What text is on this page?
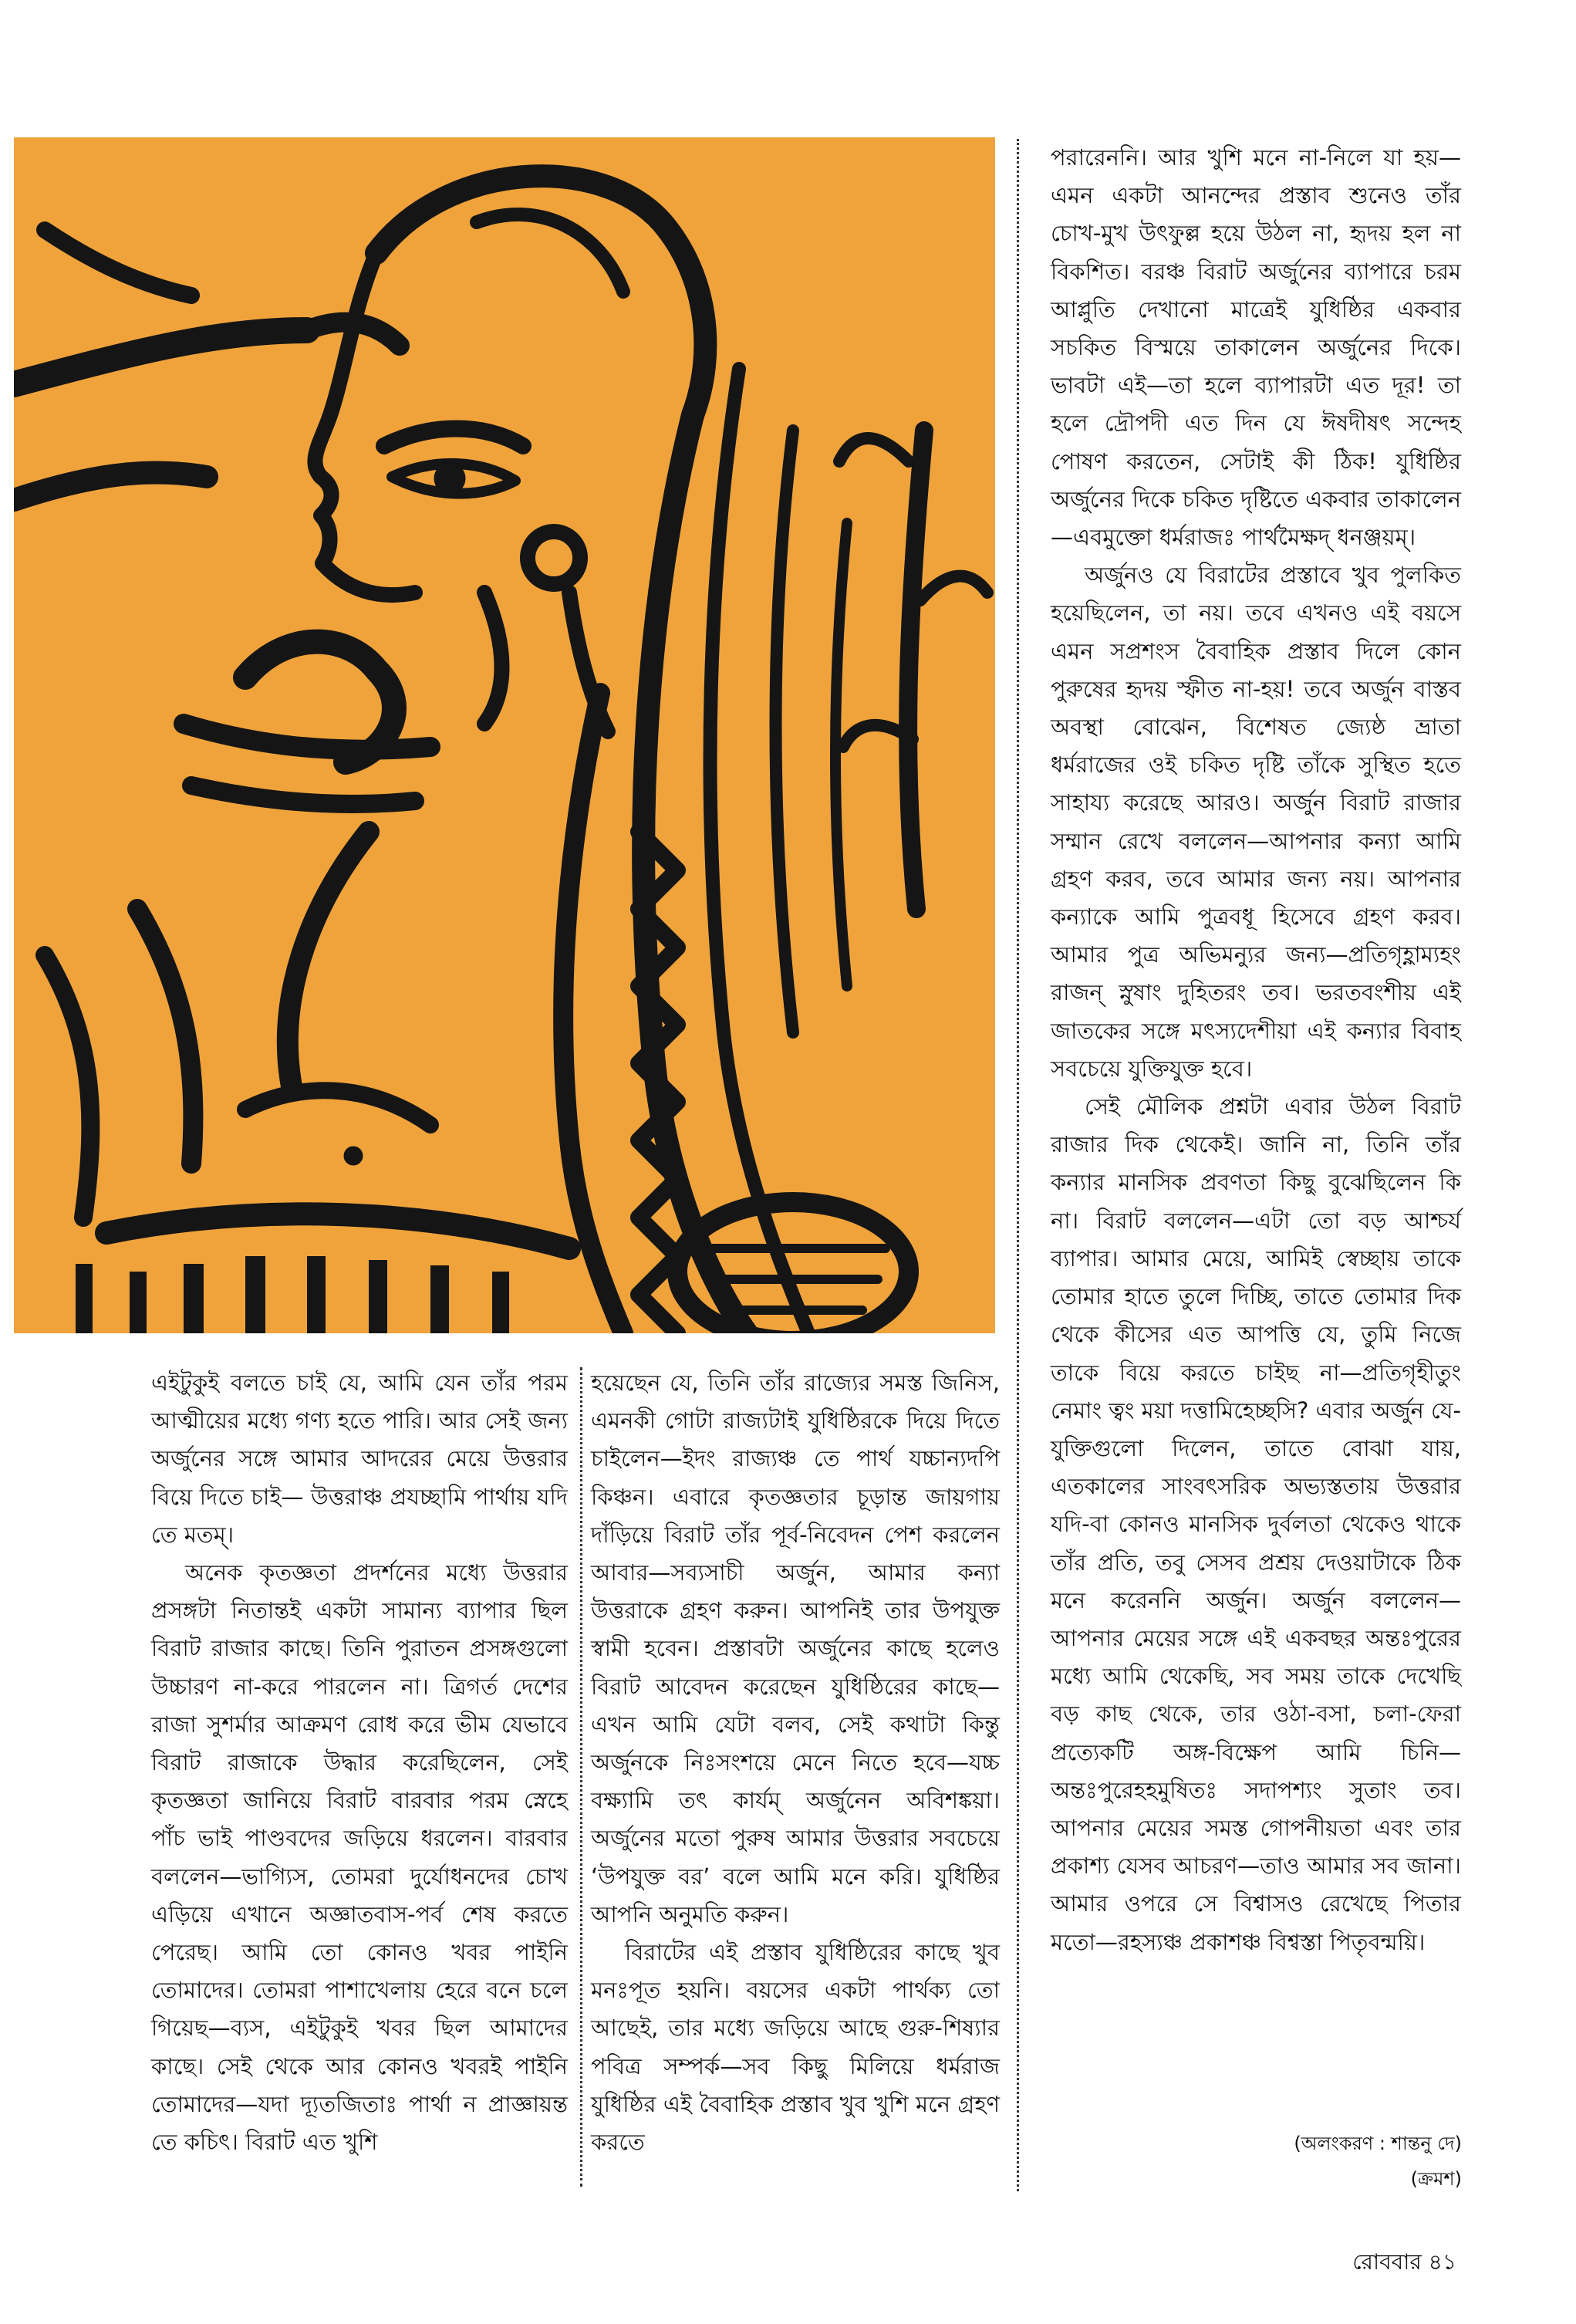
এইটুকুই বলতে চাই যে, আমি যেন তাঁর পরম আত্মীয়ের মধ্যে গণ্য হতে পারি। আর সেই জন্য অর্জুনের সঙ্গে আমার আদরের মেয়ে উত্তরার বিয়ে দিতে চাই— উত্তরাঞ্চ প্রযচ্ছামি পার্থায় যদি তে মতম্।

অনেক কৃতজ্ঞতা প্রদর্শনের মধ্যে উত্তরার প্রসঙ্গটা নিতান্তই একটা সামান্য ব্যাপার ছিল বিরাট রাজার কাছে। তিনি পুরাতন প্রসঙ্গগুলো উচ্চারণ না-করে পারলেন না। ত্রিগর্ত দেশের রাজা সুশর্মার আক্রমণ রোধ করে ভীম যেভাবে বিরাট রাজাকে উদ্ধার করেছিলেন, সেই কৃতজ্ঞতা জানিয়ে বিরাট বারবার পরম স্নেহে পাঁচ ভাই পাণ্ডবদের জড়িয়ে ধরলেন। বারবার বললেন—ভাগ্যিস, তোমরা দুর্যোধনদের চোখ এড়িয়ে এখানে অজ্ঞাতবাস-পর্ব শেষ করতে পেরেছ। আমি তো কোনও খবর পাইনি তোমাদের। তোমরা পাশাখেলায় হেরে বনে চলে গিয়েছ—ব্যস, এইটুকুই খবর ছিল আমাদের কাছে। সেই থেকে আর কোনও খবরই পাইনি তোমাদের—যদা দ্যূতজিতাঃ পার্থা ন প্রাজ্ঞায়ন্ত তে কচিৎ। বিরাট এত খুশি

হয়েছেন যে, তিনি তাঁর রাজ্যের সমস্ত জিনিস, এমনকী গোটা রাজ্যটাই যুধিষ্ঠিরকে দিয়ে দিতে চাইলেন—ইদং রাজ্যঞ্চ তে পার্থ যচ্চান্যদপি কিঞ্চন। এবারে কৃতজ্ঞতার চূড়ান্ত জায়গায় দাঁড়িয়ে বিরাট তাঁর পূর্ব-নিবেদন পেশ করলেন আবার—সব্যসাচী অর্জুন, আমার কন্যা উত্তরাকে গ্রহণ করুন। আপনিই তার উপযুক্ত স্বামী হবেন। প্রস্তাবটা অর্জুনের কাছে হলেও বিরাট আবেদন করেছেন যুধিষ্ঠিরের কাছে—এখন আমি যেটা বলব, সেই কথাটা কিন্তু অর্জুনকে নিঃসংশয়ে মেনে নিতে হবে—যচ্চ বক্ষ্যামি তৎ কার্যম্ অর্জুনেন অবিশঙ্কয়া। অর্জুনের মতো পুরুষ আমার উত্তরার সবচেয়ে ‘উপযুক্ত বর’ বলে আমি মনে করি। যুধিষ্ঠির আপনি অনুমতি করুন।

বিরাটের এই প্রস্তাব যুধিষ্ঠিরের কাছে খুব মনঃপূত হয়নি। বয়সের একটা পার্থক্য তো আছেই, তার মধ্যে জড়িয়ে আছে গুরু-শিষ্যার পবিত্র সম্পর্ক—সব কিছু মিলিয়ে ধর্মরাজ যুধিষ্ঠির এই বৈবাহিক প্রস্তাব খুব খুশি মনে গ্রহণ করতে

পরারেননি। আর খুশি মনে না-নিলে যা হয়—এমন একটা আনন্দের প্রস্তাব শুনেও তাঁর চোখ-মুখ উৎফুল্ল হয়ে উঠল না, হৃদয় হল না বিকশিত। বরঞ্চ বিরাট অর্জুনের ব্যাপারে চরম আপ্লুতি দেখানো মাত্রেই যুধিষ্ঠির একবার সচকিত বিস্ময়ে তাকালেন অর্জুনের দিকে। ভাবটা এই—তা হলে ব্যাপারটা এত দূর! তা হলে দ্রৌপদী এত দিন যে ঈষদীষৎ সন্দেহ পোষণ করতেন, সেটাই কী ঠিক! যুধিষ্ঠির অর্জুনের দিকে চকিত দৃষ্টিতে একবার তাকালেন—এবমুক্তো ধর্মরাজঃ পার্থমৈক্ষদ্ ধনঞ্জয়ম্।

অর্জুনও যে বিরাটের প্রস্তাবে খুব পুলকিত হয়েছিলেন, তা নয়। তবে এখনও এই বয়সে এমন সপ্রশংস বৈবাহিক প্রস্তাব দিলে কোন পুরুষের হৃদয় স্ফীত না-হয়! তবে অর্জুন বাস্তব অবস্থা বোঝেন, বিশেষত জ্যেষ্ঠ ভ্রাতা ধর্মরাজের ওই চকিত দৃষ্টি তাঁকে সুস্থিত হতে সাহায্য করেছে আরও। অর্জুন বিরাট রাজার সম্মান রেখে বললেন—আপনার কন্যা আমি গ্রহণ করব, তবে আমার জন্য নয়। আপনার কন্যাকে আমি পুত্রবধূ হিসেবে গ্রহণ করব। আমার পুত্র অভিমন্যুর জন্য—প্রতিগৃহ্ণাম্যহং রাজন্ স্নুষাং দুহিতরং তব। ভরতবংশীয় এই জাতকের সঙ্গে মৎস্যদেশীয়া এই কন্যার বিবাহ সবচেয়ে যুক্তিযুক্ত হবে।

সেই মৌলিক প্রশ্নটা এবার উঠল বিরাট রাজার দিক থেকেই। জানি না, তিনি তাঁর কন্যার মানসিক প্রবণতা কিছু বুঝেছিলেন কি না। বিরাট বললেন—এটা তো বড় আশ্চর্য ব্যাপার। আমার মেয়ে, আমিই স্বেচ্ছায় তাকে তোমার হাতে তুলে দিচ্ছি, তাতে তোমার দিক থেকে কীসের এত আপত্তি যে, তুমি নিজে তাকে বিয়ে করতে চাইছ না—প্রতিগৃহীতুং নেমাং ত্বং ময়া দত্তামিহেচ্ছসি? এবার অর্জুন যে-যুক্তিগুলো দিলেন, তাতে বোঝা যায়, এতকালের সাংবৎসরিক অভ্যস্ততায় উত্তরার যদি-বা কোনও মানসিক দুর্বলতা থেকেও থাকে তাঁর প্রতি, তবু সেসব প্রশ্রয় দেওয়াটাকে ঠিক মনে করেননি অর্জুন। অর্জুন বললেন—আপনার মেয়ের সঙ্গে এই একবছর অন্তঃপুরের মধ্যে আমি থেকেছি, সব সময় তাকে দেখেছি বড় কাছ থেকে, তার ওঠা-বসা, চলা-ফেরা প্রত্যেকটি অঙ্গ-বিক্ষেপ আমি চিনি—অন্তঃপুরেহহমুষিতঃ সদাপশ্যং সুতাং তব। আপনার মেয়ের সমস্ত গোপনীয়তা এবং তার প্রকাশ্য যেসব আচরণ—তাও আমার সব জানা। আমার ওপরে সে বিশ্বাসও রেখেছে পিতার মতো—রহস্যঞ্চ প্রকাশঞ্চ বিশ্বস্তা পিতৃবন্ময়ি।

(অলংকরণ : শান্তনু দে)
(ক্রমশ)
রোববার ৪১
